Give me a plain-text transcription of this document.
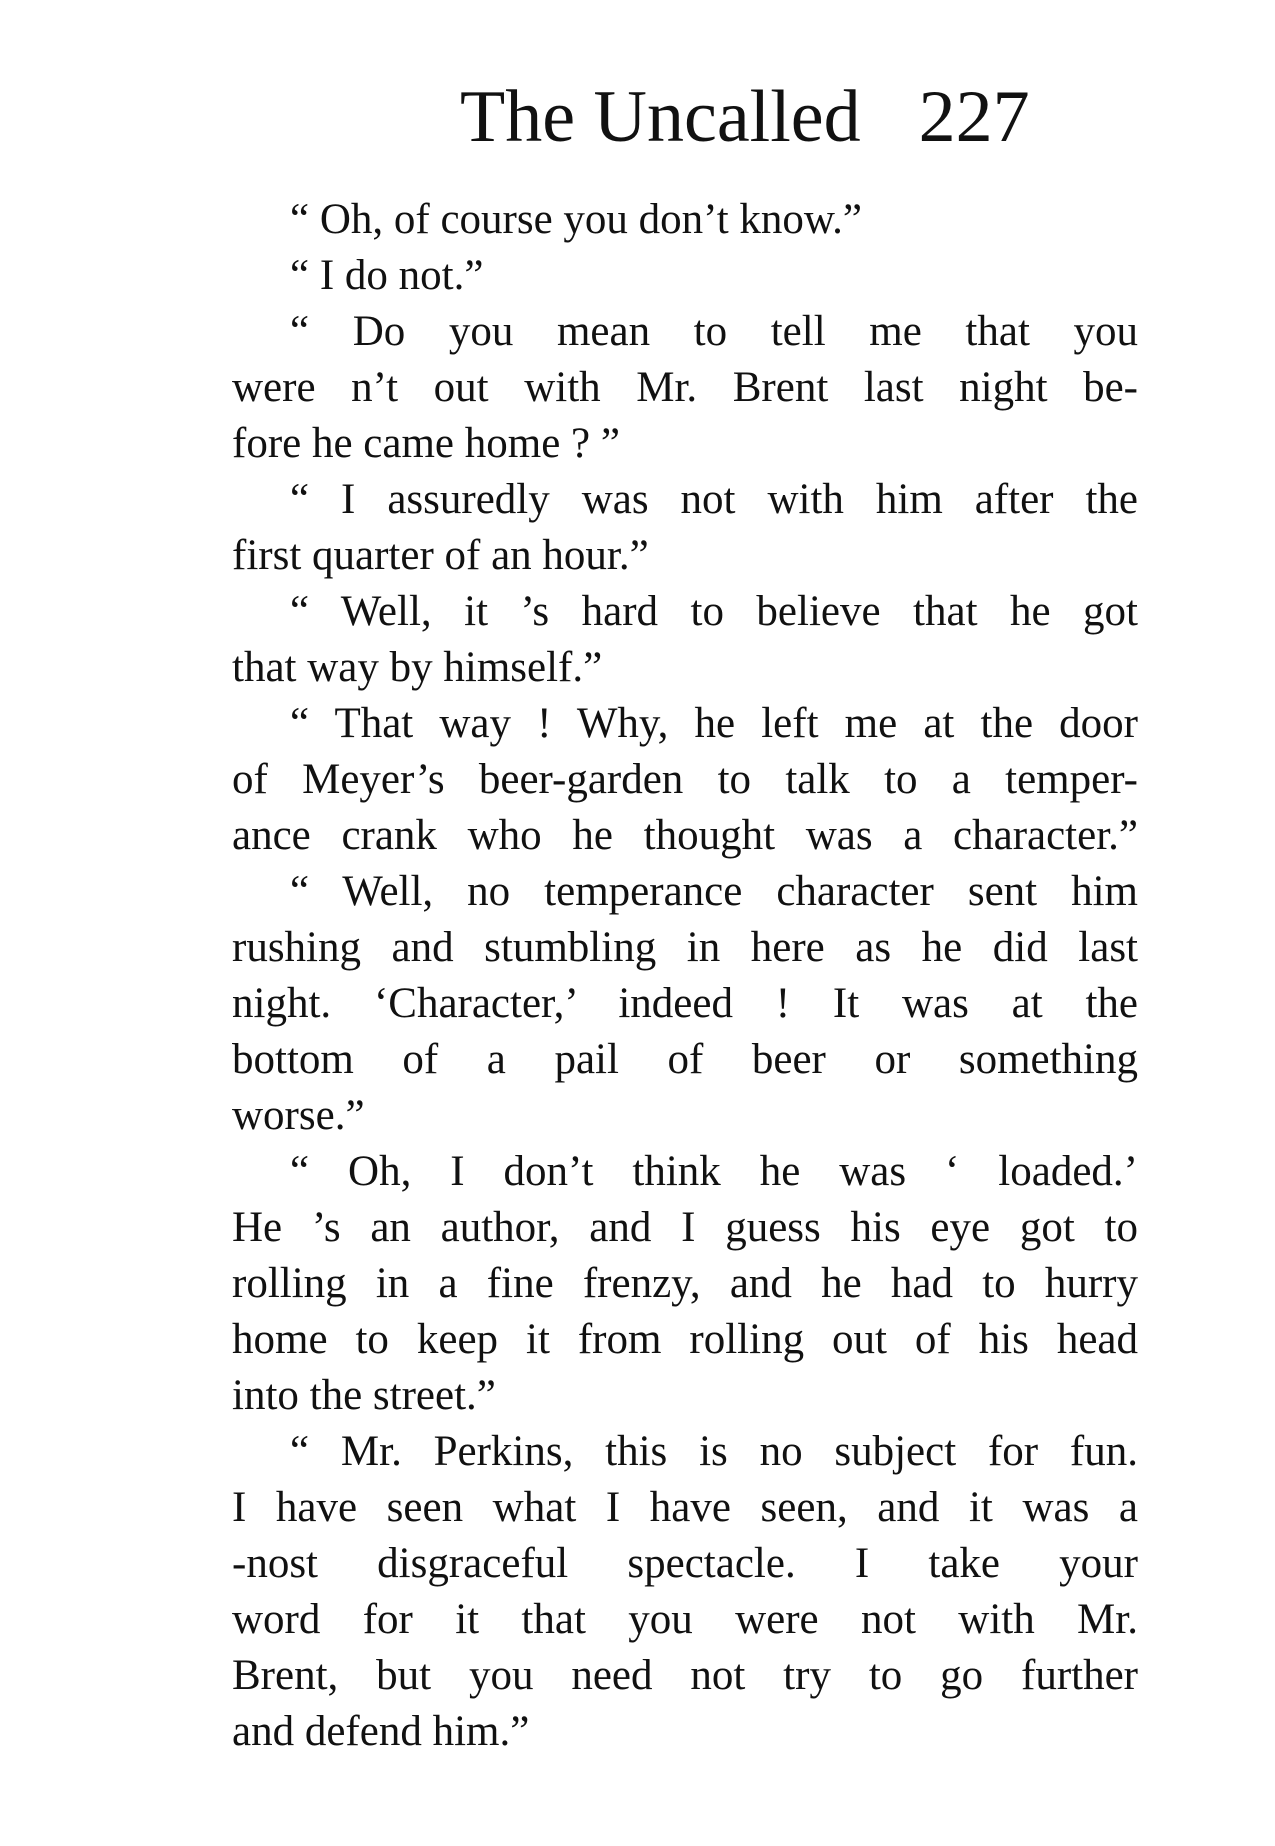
The Uncalled 227
“ Oh, of course you don’t know.”
“ I do not.”
“ Do you mean to tell me that you
were n’t out with Mr. Brent last night be-
fore he came home ? ”
“ I assuredly was not with him after the
first quarter of an hour.”
“ Well, it ’s hard to believe that he got
that way by himself.”
“ That way ! Why, he left me at the door
of Meyer’s beer-garden to talk to a temper-
ance crank who he thought was a character.”
“ Well, no temperance character sent him
rushing and stumbling in here as he did last
night. ‘Character,’ indeed ! It was at the
bottom of a pail of beer or something
worse.”
“ Oh, I don’t think he was ‘ loaded.’
He ’s an author, and I guess his eye got to
rolling in a fine frenzy, and he had to hurry
home to keep it from rolling out of his head
into the street.”
“ Mr. Perkins, this is no subject for fun.
I have seen what I have seen, and it was a
-nost disgraceful spectacle. I take your
word for it that you were not with Mr.
Brent, but you need not try to go further
and defend him.”
